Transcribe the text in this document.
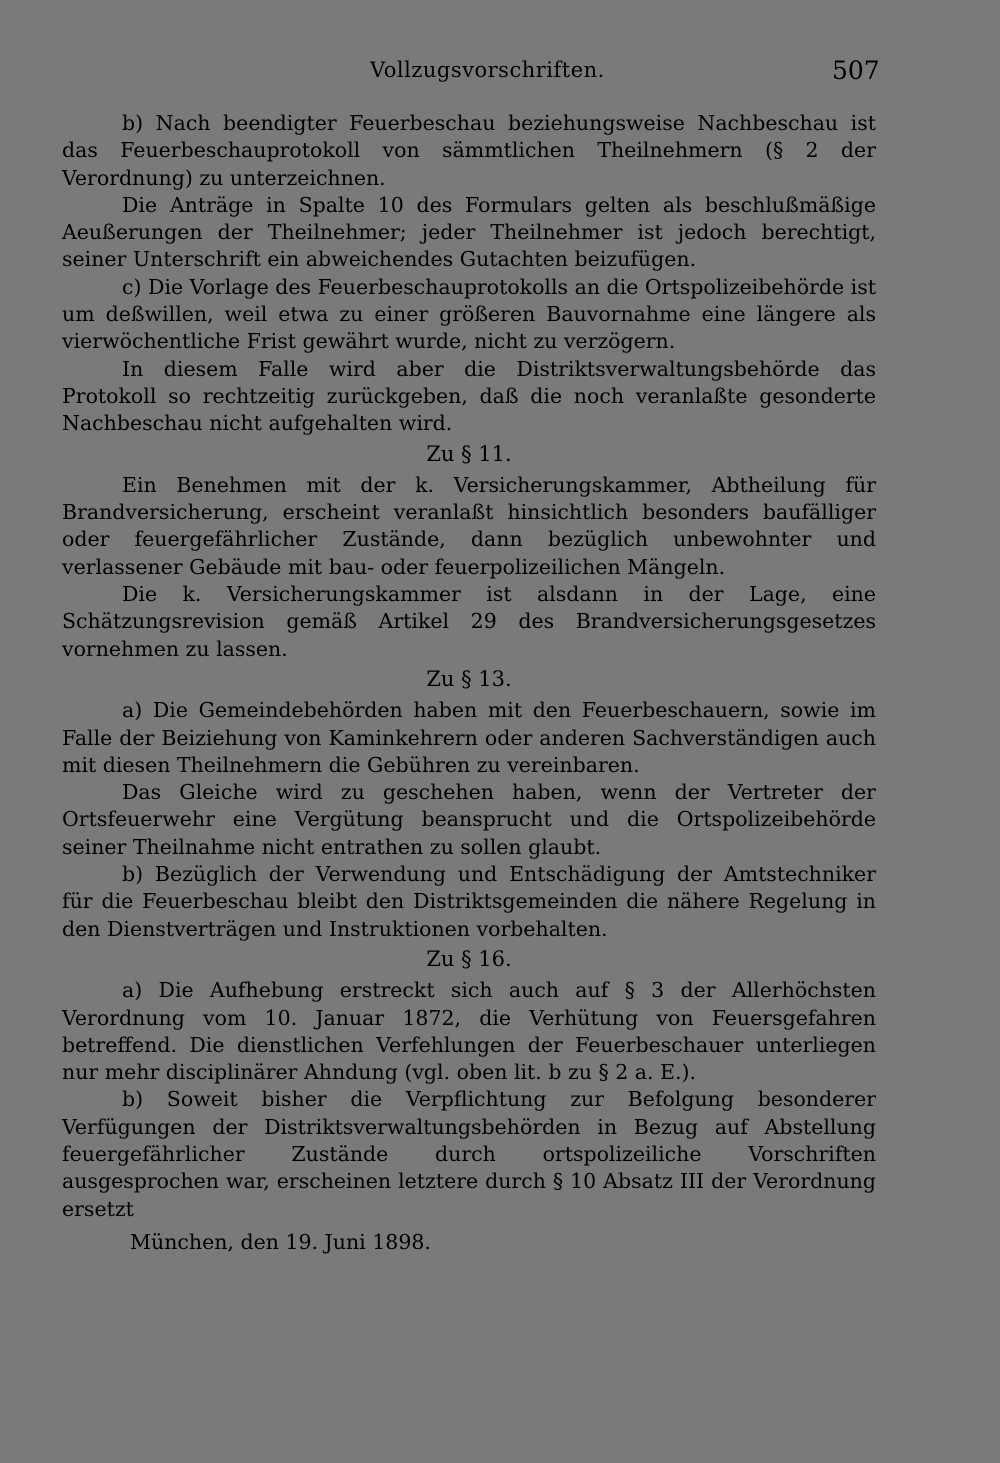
Vollzugsvorschriften.	507

b) Nach beendigter Feuerbeschau beziehungsweise Nachbeschau ist das Feuerbeschauprotokoll von sämmtlichen Theilnehmern (§ 2 der Verordnung) zu unterzeichnen.

Die Anträge in Spalte 10 des Formulars gelten als beschlußmäßige Aeußerungen der Theilnehmer; jeder Theilnehmer ist jedoch berechtigt, seiner Unterschrift ein abweichendes Gutachten beizufügen.

c) Die Vorlage des Feuerbeschauprotokolls an die Ortspolizeibehörde ist um deßwillen, weil etwa zu einer größeren Bauvornahme eine längere als vierwöchentliche Frist gewährt wurde, nicht zu verzögern.

In diesem Falle wird aber die Distriktsverwaltungsbehörde das Protokoll so rechtzeitig zurückgeben, daß die noch veranlaßte gesonderte Nachbeschau nicht aufgehalten wird.

Zu § 11.

Ein Benehmen mit der k. Versicherungskammer, Abtheilung für Brandversicherung, erscheint veranlaßt hinsichtlich besonders baufälliger oder feuergefährlicher Zustände, dann bezüglich unbewohnter und verlassener Gebäude mit bau- oder feuerpolizeilichen Mängeln.

Die k. Versicherungskammer ist alsdann in der Lage, eine Schätzungsrevision gemäß Artikel 29 des Brandversicherungsgesetzes vornehmen zu lassen.

Zu § 13.

a) Die Gemeindebehörden haben mit den Feuerbeschauern, sowie im Falle der Beiziehung von Kaminkehrern oder anderen Sachverständigen auch mit diesen Theilnehmern die Gebühren zu vereinbaren.

Das Gleiche wird zu geschehen haben, wenn der Vertreter der Ortsfeuerwehr eine Vergütung beansprucht und die Ortspolizeibehörde seiner Theilnahme nicht entrathen zu sollen glaubt.

b) Bezüglich der Verwendung und Entschädigung der Amtstechniker für die Feuerbeschau bleibt den Distriktsgemeinden die nähere Regelung in den Dienstverträgen und Instruktionen vorbehalten.

Zu § 16.

a) Die Aufhebung erstreckt sich auch auf § 3 der Allerhöchsten Verordnung vom 10. Januar 1872, die Verhütung von Feuersgefahren betreffend. Die dienstlichen Verfehlungen der Feuerbeschauer unterliegen nur mehr disciplinärer Ahndung (vgl. oben lit. b zu § 2 a. E.).

b) Soweit bisher die Verpflichtung zur Befolgung besonderer Verfügungen der Distriktsverwaltungsbehörden in Bezug auf Abstellung feuergefährlicher Zustände durch ortspolizeiliche Vorschriften ausgesprochen war, erscheinen letztere durch § 10 Absatz III der Verordnung ersetzt

München, den 19. Juni 1898.
